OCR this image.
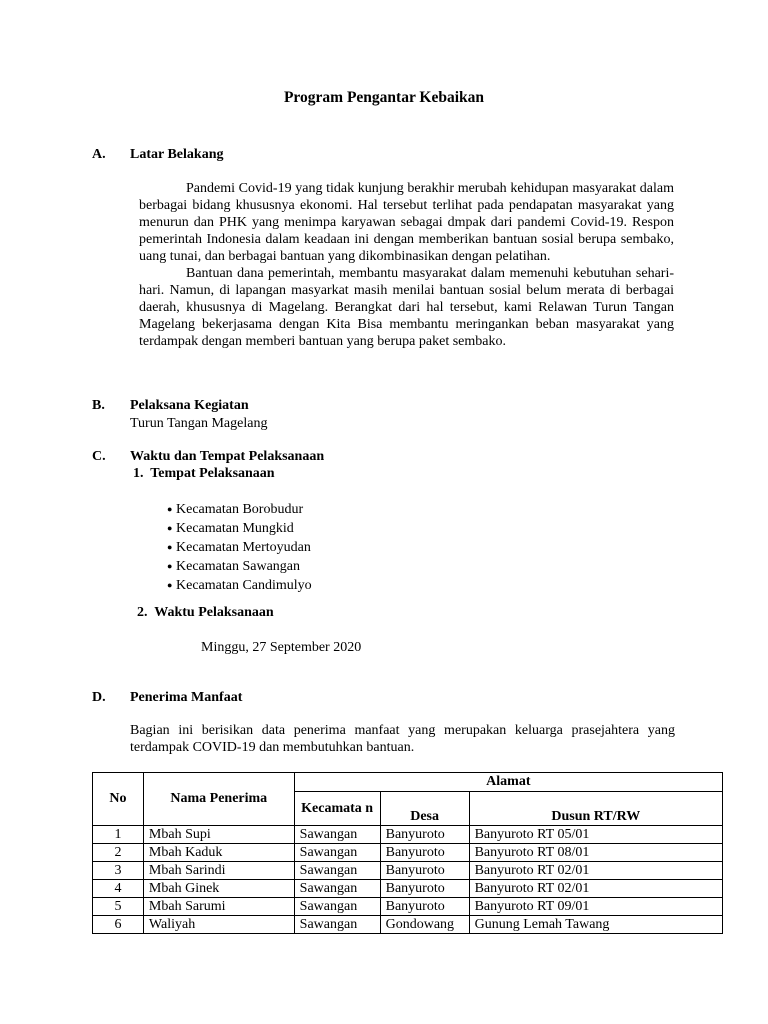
Program Pengantar Kebaikan
A.	Latar Belakang

Pandemi Covid-19 yang tidak kunjung berakhir merubah kehidupan masyarakat dalam berbagai bidang khususnya ekonomi. Hal tersebut terlihat pada pendapatan masyarakat yang menurun dan PHK yang menimpa karyawan sebagai dmpak dari pandemi Covid-19. Respon pemerintah Indonesia dalam keadaan ini dengan memberikan bantuan sosial berupa sembako, uang tunai, dan berbagai bantuan yang dikombinasikan dengan pelatihan.

Bantuan dana pemerintah, membantu masyarakat dalam memenuhi kebutuhan sehari-hari. Namun, di lapangan masyarkat masih menilai bantuan sosial belum merata di berbagai daerah, khususnya di Magelang. Berangkat dari hal tersebut, kami Relawan Turun Tangan Magelang bekerjasama dengan Kita Bisa membantu meringankan beban masyarakat yang terdampak dengan memberi bantuan yang berupa paket sembako.

B.	Pelaksana Kegiatan
Turun Tangan Magelang
C.	Waktu dan Tempat Pelaksanaan
1.  Tempat Pelaksanaan
● Kecamatan Borobudur
● Kecamatan Mungkid
● Kecamatan Mertoyudan
● Kecamatan Sawangan
● Kecamatan Candimulyo
2.  Waktu Pelaksanaan
Minggu, 27 September 2020
D.	Penerima Manfaat
Bagian ini berisikan data penerima manfaat yang merupakan keluarga prasejahtera yang terdampak COVID-19 dan membutuhkan bantuan.
No	Nama Penerima	Alamat		
		Kecamata n	Desa	Dusun RT/RW
1	Mbah Supi	Sawangan	Banyuroto	Banyuroto RT 05/01
2	Mbah Kaduk	Sawangan	Banyuroto	Banyuroto RT 08/01
3	Mbah Sarindi	Sawangan	Banyuroto	Banyuroto RT 02/01
4	Mbah Ginek	Sawangan	Banyuroto	Banyuroto RT 02/01
5	Mbah Sarumi	Sawangan	Banyuroto	Banyuroto RT 09/01
6	Waliyah	Sawangan	Gondowang	Gunung Lemah Tawang
